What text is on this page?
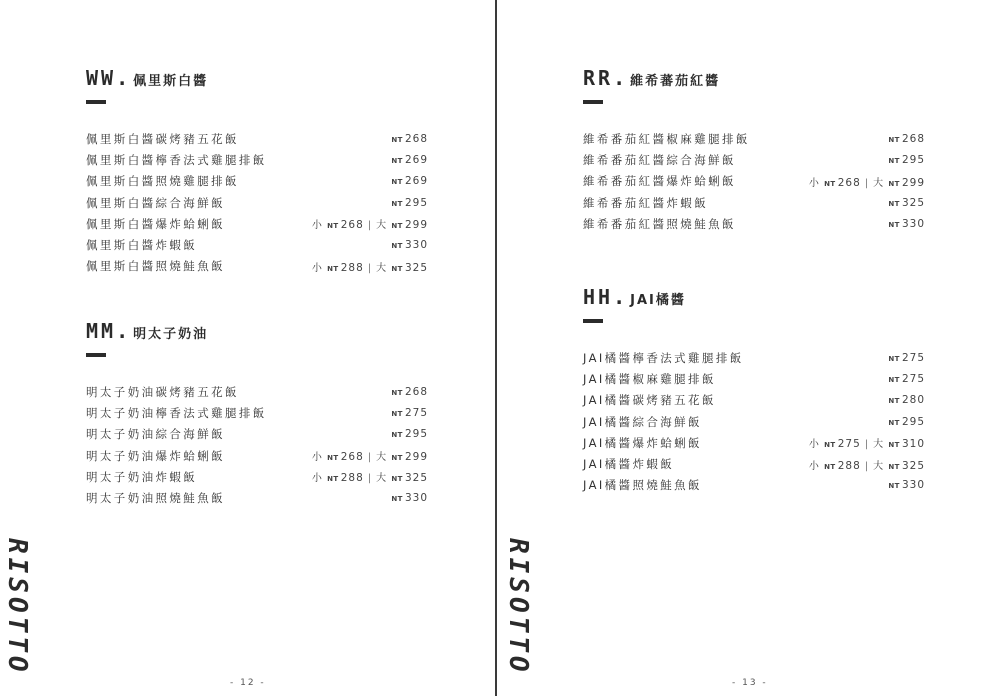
WW. 佩里斯白醬
佩里斯白醬碳烤豬五花飯	NT 268
佩里斯白醬檸香法式雞腿排飯	NT 269
佩里斯白醬照燒雞腿排飯	NT 269
佩里斯白醬綜合海鮮飯	NT 295
佩里斯白醬爆炸蛤蜊飯	小 NT 268 | 大 NT 299
佩里斯白醬炸蝦飯	NT 330
佩里斯白醬照燒鮭魚飯	小 NT 288 | 大 NT 325
MM. 明太子奶油
明太子奶油碳烤豬五花飯	NT 268
明太子奶油檸香法式雞腿排飯	NT 275
明太子奶油綜合海鮮飯	NT 295
明太子奶油爆炸蛤蜊飯	小 NT 268 | 大 NT 299
明太子奶油炸蝦飯	小 NT 288 | 大 NT 325
明太子奶油照燒鮭魚飯	NT 330
RISOTTO
- 12 -
RR. 維希蕃茄紅醬
維希番茄紅醬椒麻雞腿排飯	NT 268
維希番茄紅醬綜合海鮮飯	NT 295
維希番茄紅醬爆炸蛤蜊飯	小 NT 268 | 大 NT 299
維希番茄紅醬炸蝦飯	NT 325
維希番茄紅醬照燒鮭魚飯	NT 330
HH. JAI橘醬
JAI橘醬檸香法式雞腿排飯	NT 275
JAI橘醬椒麻雞腿排飯	NT 275
JAI橘醬碳烤豬五花飯	NT 280
JAI橘醬綜合海鮮飯	NT 295
JAI橘醬爆炸蛤蜊飯	小 NT 275 | 大 NT 310
JAI橘醬炸蝦飯	小 NT 288 | 大 NT 325
JAI橘醬照燒鮭魚飯	NT 330
RISOTTO
- 13 -
